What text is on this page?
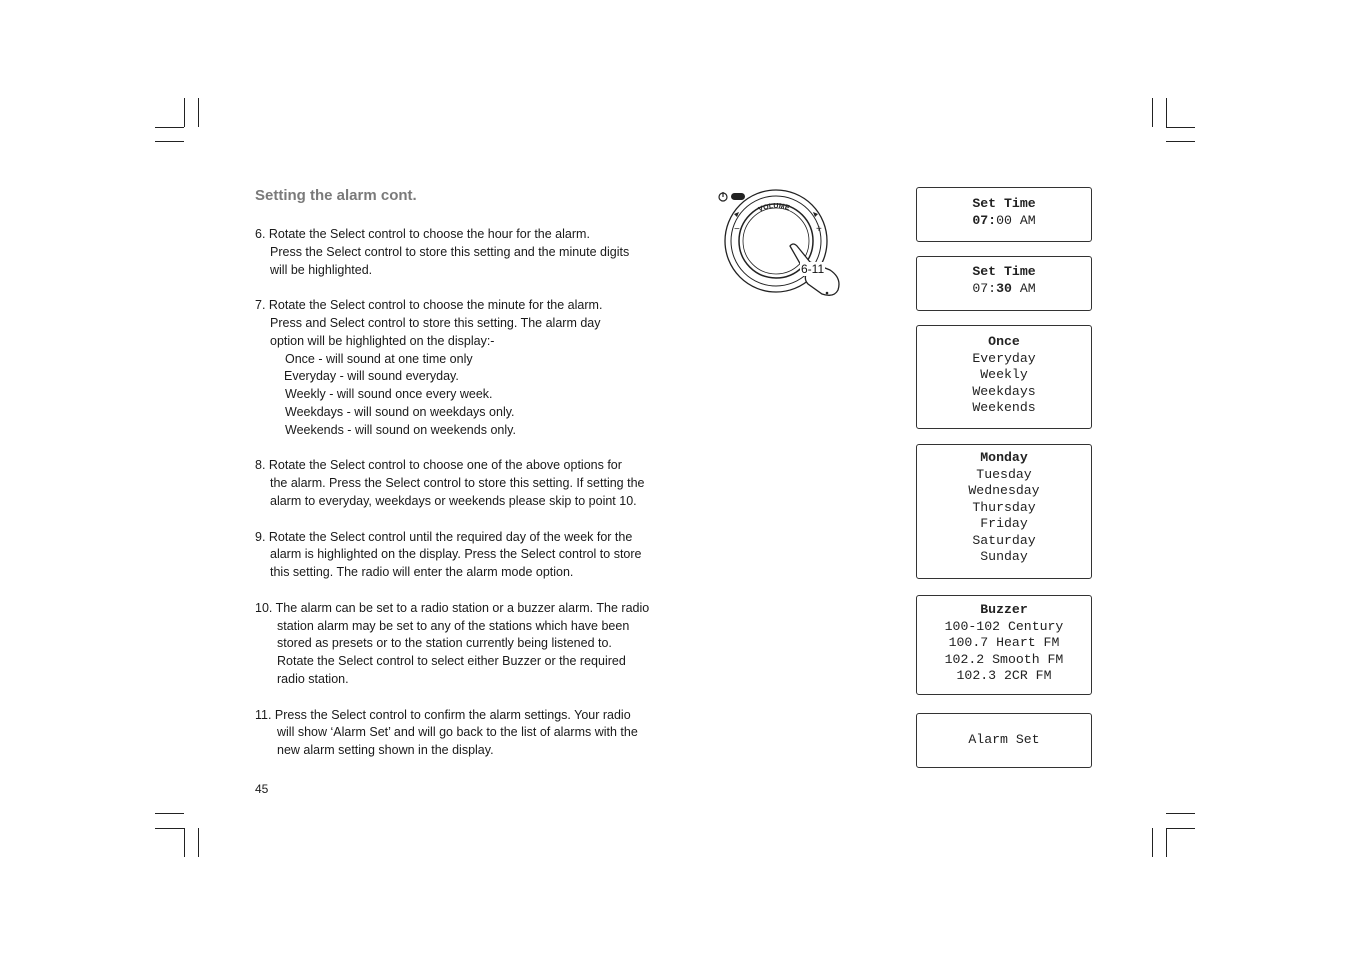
Setting the alarm cont.
6. Rotate the Select control to choose the hour for the alarm.
Press the Select control to store this setting and the minute digits
will be highlighted.
7. Rotate the Select control to choose the minute for the alarm.
Press and Select control to store this setting. The alarm day
option will be highlighted on the display:-
Once - will sound at one time only
Everyday - will sound everyday.
Weekly - will sound once every week.
Weekdays - will sound on weekdays only.
Weekends - will sound on weekends only.
8. Rotate the Select control to choose one of the above options for
the alarm. Press the Select control to store this setting. If setting the
alarm to everyday, weekdays or weekends please skip to point 10.
9. Rotate the Select control until the required day of the week for the
alarm is highlighted on the display. Press the Select control to store
this setting. The radio will enter the alarm mode option.
10. The alarm can be set to a radio station or a buzzer alarm. The radio
station alarm may be set to any of the stations which have been
stored as presets or to the station currently being listened to.
Rotate the Select control to select either Buzzer or the required
radio station.
11. Press the Select control to confirm the alarm settings. Your radio
will show ‘Alarm Set’ and will go back to the list of alarms with the
new alarm setting shown in the display.
45
VOLUME
+
−
6-11
Set Time
07:00 AM
Set Time
07:30 AM
Once
Everyday
Weekly
Weekdays
Weekends
Monday
Tuesday
Wednesday
Thursday
Friday
Saturday
Sunday
Buzzer
100-102 Century
100.7 Heart FM
102.2 Smooth FM
102.3 2CR FM
Alarm Set
